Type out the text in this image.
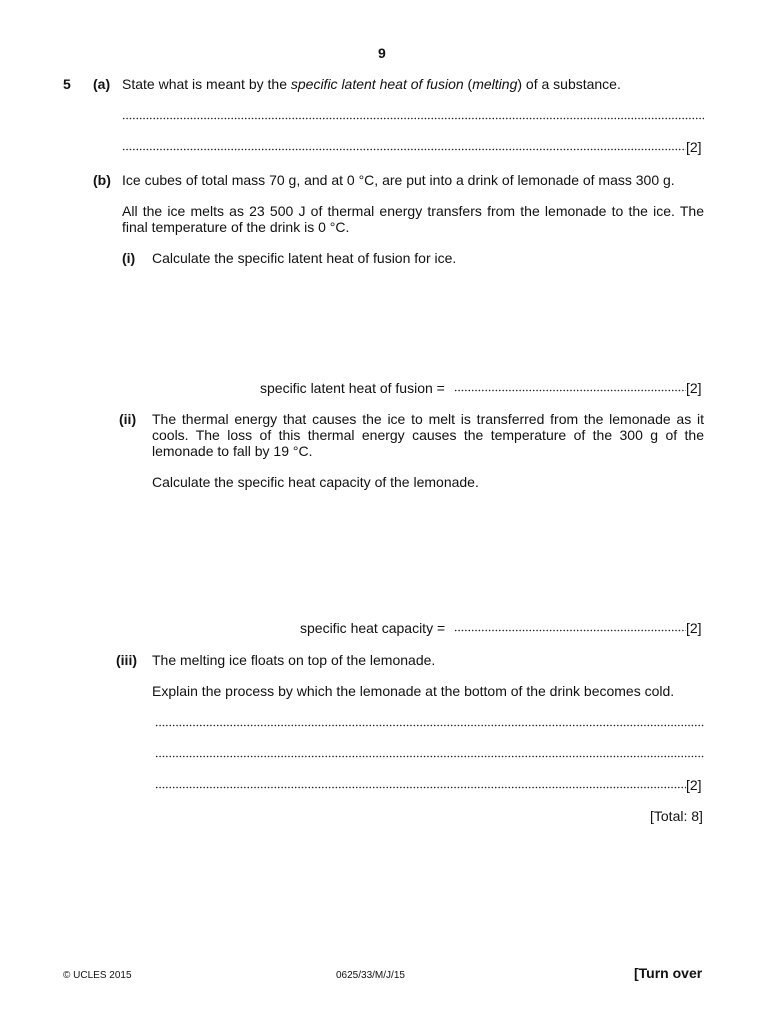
9
5 (a) State what is meant by the specific latent heat of fusion (melting) of a substance.
[2]
(b) Ice cubes of total mass 70 g, and at 0 °C, are put into a drink of lemonade of mass 300 g.
All the ice melts as 23 500 J of thermal energy transfers from the lemonade to the ice. The final temperature of the drink is 0 °C.
(i) Calculate the specific latent heat of fusion for ice.
specific latent heat of fusion =	[2]
(ii) The thermal energy that causes the ice to melt is transferred from the lemonade as it cools. The loss of this thermal energy causes the temperature of the 300 g of the lemonade to fall by 19 °C.
Calculate the specific heat capacity of the lemonade.
specific heat capacity =	[2]
(iii) The melting ice floats on top of the lemonade.
Explain the process by which the lemonade at the bottom of the drink becomes cold.
[2]
[Total: 8]
© UCLES 2015	0625/33/M/J/15	[Turn over
